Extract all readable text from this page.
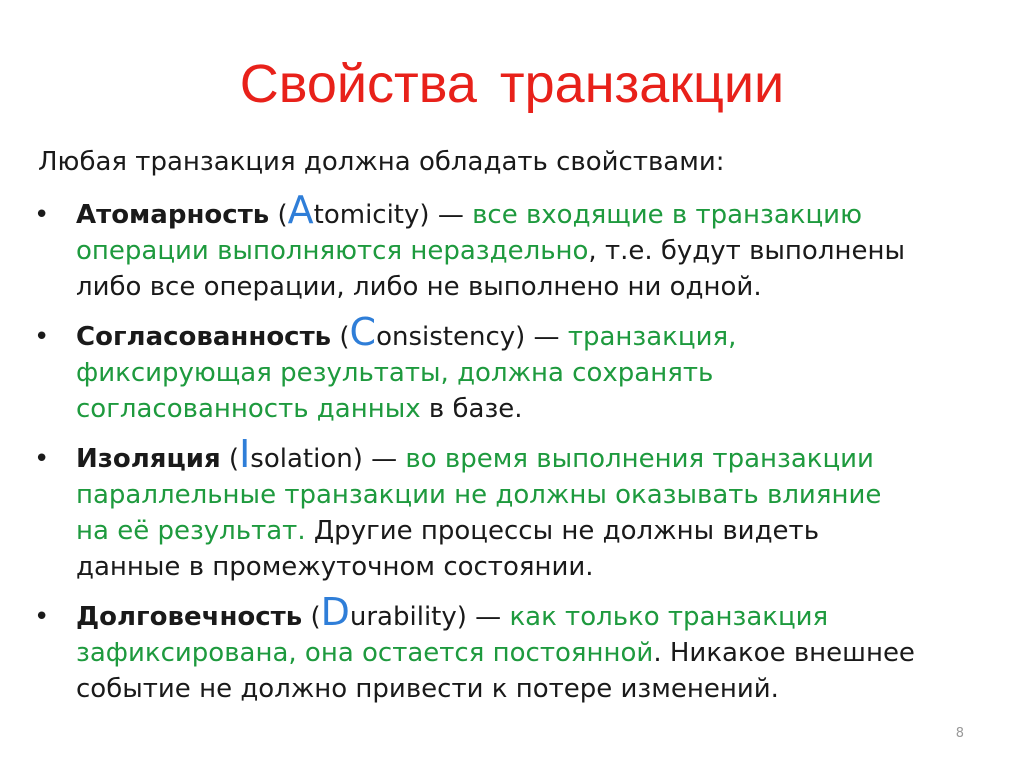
Свойства транзакции
Любая транзакция должна обладать свойствами:
• Атомарность (Atomicity) — все входящие в транзакцию
операции выполняются нераздельно, т.е. будут выполнены
либо все операции, либо не выполнено ни одной.
• Согласованность (Consistency) — транзакция,
фиксирующая результаты, должна сохранять
согласованность данных в базе.
• Изоляция (Isolation) — во время выполнения транзакции
параллельные транзакции не должны оказывать влияние
на её результат. Другие процессы не должны видеть
данные в промежуточном состоянии.
• Долговечность (Durability) — как только транзакция
зафиксирована, она остается постоянной. Никакое внешнее
событие не должно привести к потере изменений.
8
